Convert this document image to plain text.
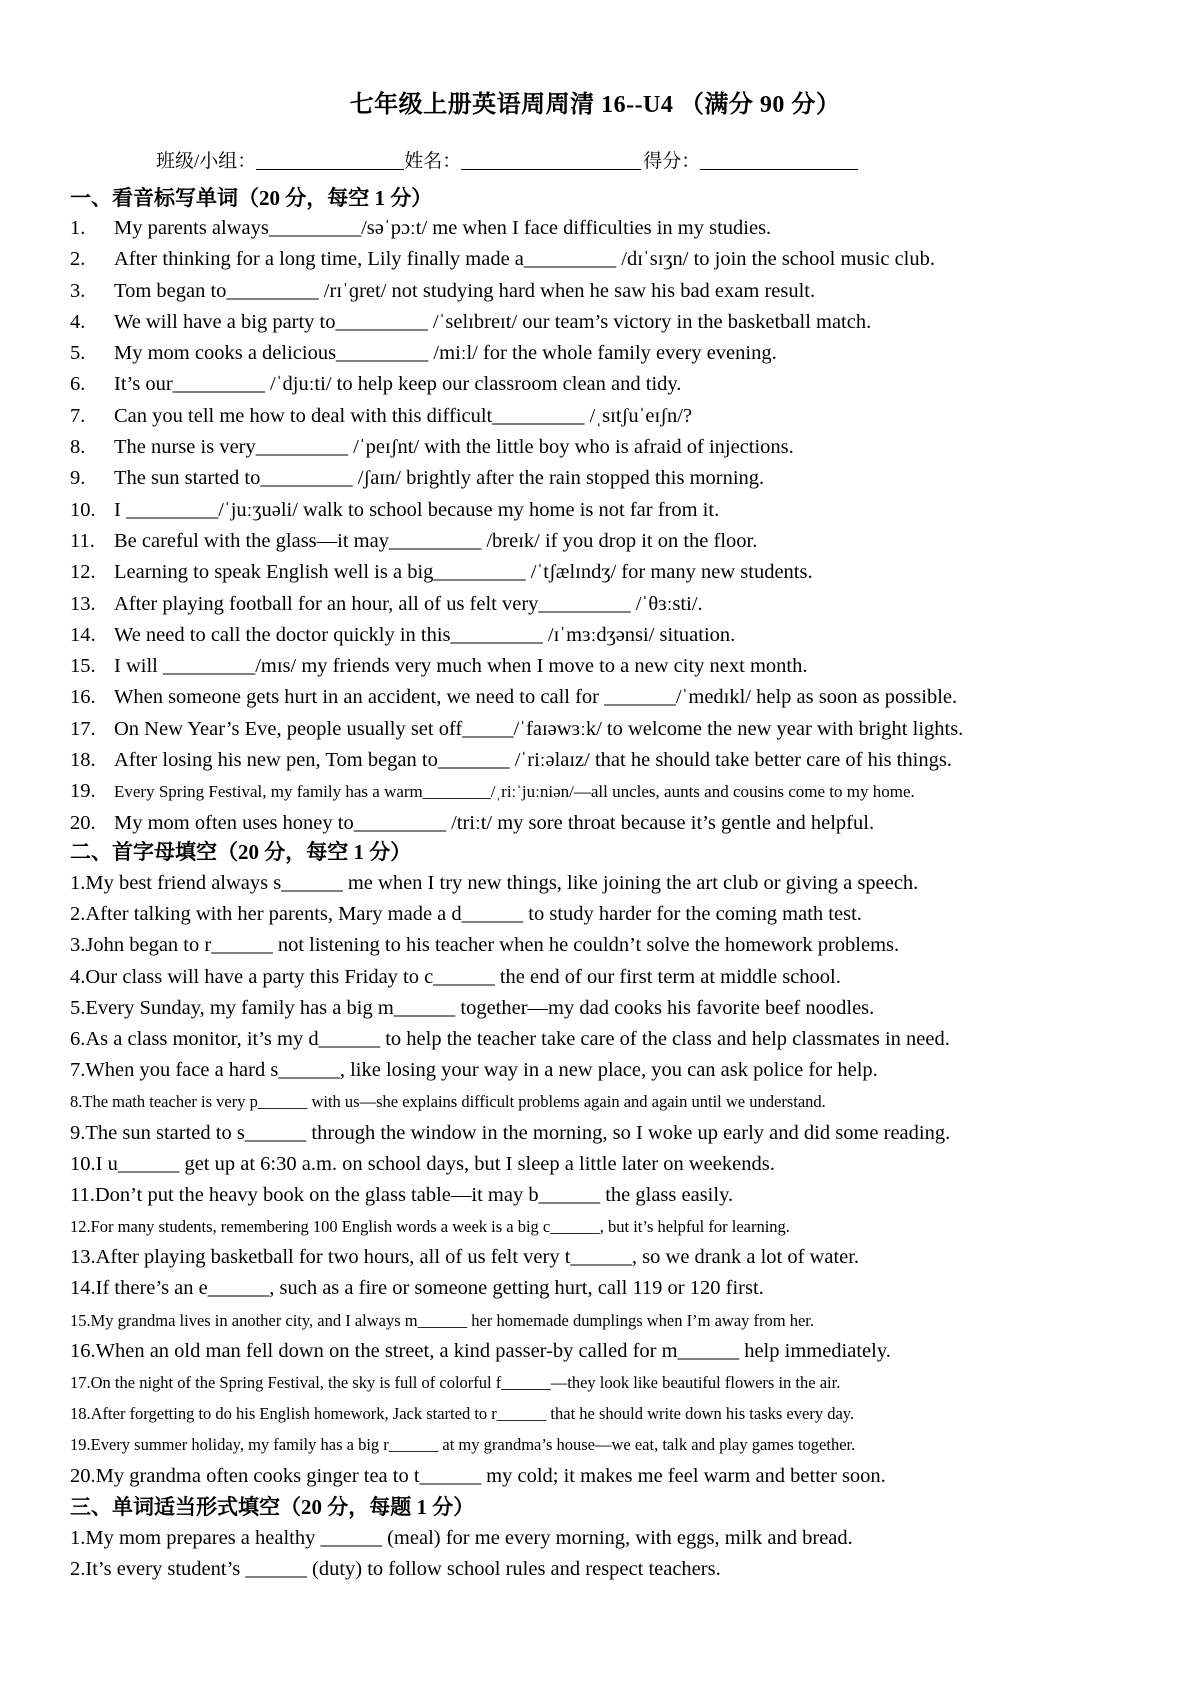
七年级上册英语周周清 16--U4 （满分 90 分）
班级/小组：	姓名：	得分：
一、看音标写单词（20 分，每空 1 分）
1. My parents always_________/səˈpɔːt/ me when I face difficulties in my studies.
2. After thinking for a long time, Lily finally made a_________ /dɪˈsɪʒn/ to join the school music club.
3. Tom began to_________ /rɪˈɡret/ not studying hard when he saw his bad exam result.
4. We will have a big party to_________ /ˈselɪbreɪt/ our team’s victory in the basketball match.
5. My mom cooks a delicious_________ /miːl/ for the whole family every evening.
6. It’s our_________ /ˈdjuːti/ to help keep our classroom clean and tidy.
7. Can you tell me how to deal with this difficult_________ /ˌsɪtʃuˈeɪʃn/?
8. The nurse is very_________ /ˈpeɪʃnt/ with the little boy who is afraid of injections.
9. The sun started to_________ /ʃaɪn/ brightly after the rain stopped this morning.
10. I _________/ˈjuːʒuəli/ walk to school because my home is not far from it.
11. Be careful with the glass—it may_________ /breɪk/ if you drop it on the floor.
12. Learning to speak English well is a big_________ /ˈtʃælɪndʒ/ for many new students.
13. After playing football for an hour, all of us felt very_________ /ˈθɜːsti/.
14. We need to call the doctor quickly in this_________ /ɪˈmɜːdʒənsi/ situation.
15. I will _________/mɪs/ my friends very much when I move to a new city next month.
16. When someone gets hurt in an accident, we need to call for _______/ˈmedɪkl/ help as soon as possible.
17. On New Year’s Eve, people usually set off_____/ˈfaɪəwɜːk/ to welcome the new year with bright lights.
18. After losing his new pen, Tom began to_______ /ˈriːəlaɪz/ that he should take better care of his things.
19. Every Spring Festival, my family has a warm________/ˌriːˈjuːniən/—all uncles, aunts and cousins come to my home.
20. My mom often uses honey to_________ /triːt/ my sore throat because it’s gentle and helpful.
二、首字母填空（20 分，每空 1 分）
1.My best friend always s______ me when I try new things, like joining the art club or giving a speech.
2.After talking with her parents, Mary made a d______ to study harder for the coming math test.
3.John began to r______ not listening to his teacher when he couldn’t solve the homework problems.
4.Our class will have a party this Friday to c______ the end of our first term at middle school.
5.Every Sunday, my family has a big m______ together—my dad cooks his favorite beef noodles.
6.As a class monitor, it’s my d______ to help the teacher take care of the class and help classmates in need.
7.When you face a hard s______, like losing your way in a new place, you can ask police for help.
8.The math teacher is very p______ with us—she explains difficult problems again and again until we understand.
9.The sun started to s______ through the window in the morning, so I woke up early and did some reading.
10.I u______ get up at 6:30 a.m. on school days, but I sleep a little later on weekends.
11.Don’t put the heavy book on the glass table—it may b______ the glass easily.
12.For many students, remembering 100 English words a week is a big c______, but it’s helpful for learning.
13.After playing basketball for two hours, all of us felt very t______, so we drank a lot of water.
14.If there’s an e______, such as a fire or someone getting hurt, call 119 or 120 first.
15.My grandma lives in another city, and I always m______ her homemade dumplings when I’m away from her.
16.When an old man fell down on the street, a kind passer-by called for m______ help immediately.
17.On the night of the Spring Festival, the sky is full of colorful f______—they look like beautiful flowers in the air.
18.After forgetting to do his English homework, Jack started to r______ that he should write down his tasks every day.
19.Every summer holiday, my family has a big r______ at my grandma’s house—we eat, talk and play games together.
20.My grandma often cooks ginger tea to t______ my cold; it makes me feel warm and better soon.
三、单词适当形式填空（20 分，每题 1 分）
1.My mom prepares a healthy ______ (meal) for me every morning, with eggs, milk and bread.
2.It’s every student’s ______ (duty) to follow school rules and respect teachers.
